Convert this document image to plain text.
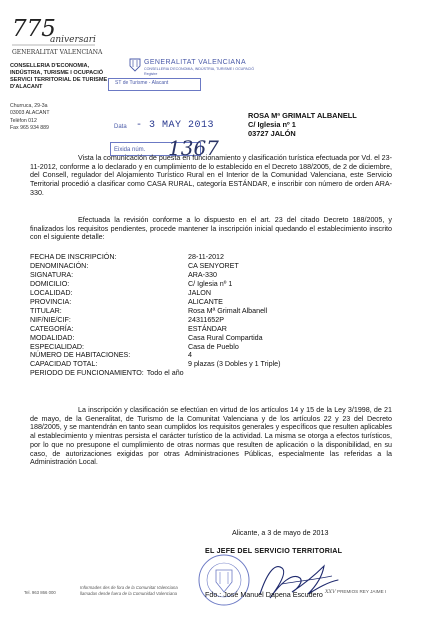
775
aniversari
GENERALITAT VALENCIANA
CONSELLERIA D'ECONOMIA,
INDÚSTRIA, TURISME I OCUPACIÓ
SERVICI TERRITORIAL DE TURISME
D'ALACANT
Churruca, 29-3a
03003 ALACANT
Telèfon 012
Fax 965 934 889
GENERALITAT VALENCIANA
CONSELLERIA D'ECONOMIA, INDÚSTRIA, TURISME I OCUPACIÓ
Registre
ST de Turisme - Alacant
Data - 3 MAY 2013
Eixida núm. 1367
ROSA Mª GRIMALT ALBANELL
C/ Iglesia nº 1
03727 JALÓN
Vista la comunicación de puesta en funcionamiento y clasificación turística efectuada por Vd. el 23-11-2012, conforme a lo declarado y en cumplimiento de lo establecido en el Decreto 188/2005, de 2 de diciembre, del Consell, regulador del Alojamiento Turístico Rural en el Interior de la Comunidad Valenciana, este Servicio Territorial procedió a clasificar como CASA RURAL, categoría ESTÁNDAR, e inscribir con número de orden ARA-330.
Efectuada la revisión conforme a lo dispuesto en el art. 23 del citado Decreto 188/2005, y finalizados los requisitos pendientes, procede mantener la inscripción inicial quedando el establecimiento inscrito con el siguiente detalle:
FECHA DE INSCRIPCIÓN:	28-11-2012
DENOMINACIÓN:	CA SENYORET
SIGNATURA:	ARA-330
DOMICILIO:	C/ Iglesia nº 1
LOCALIDAD:	JALON
PROVINCIA:	ALICANTE
TITULAR:	Rosa Mª Grimalt Albanell
NIF/NIE/CIF:	24311652P
CATEGORÍA:	ESTÁNDAR
MODALIDAD:	Casa Rural Compartida
ESPECIALIDAD:	Casa de Pueblo
NÚMERO DE HABITACIONES:	4
CAPACIDAD TOTAL:	9 plazas (3 Dobles y 1 Triple)
PERIODO DE FUNCIONAMIENTO: Todo el año
La inscripción y clasificación se efectúan en virtud de los artículos 14 y 15 de la Ley 3/1998, de 21 de mayo, de la Generalitat, de Turismo de la Comunitat Valenciana y de los artículos 22 y 23 del Decreto 188/2005, y se mantendrán en tanto sean cumplidos los requisitos generales y específicos que resulten aplicables al establecimiento y mientras persista el carácter turístico de la actividad. La misma se otorga a efectos turísticos, por lo que no presupone el cumplimiento de otras normas que resulten de aplicación o la disponibilidad, en su caso, de autorizaciones exigidas por otras Administraciones Públicas, especialmente las referidas a la Administración Local.
Alicante, a 3 de mayo de 2013
EL JEFE DEL SERVICIO TERRITORIAL
Fdo.: José Manuel Dapena Escudero
Tel. 963 866 000
Informades des de fora de la Comunitat Valenciana
llamadas desde fuera de la Comunidad Valenciana	XXV PREMIOS REY JAIME I
